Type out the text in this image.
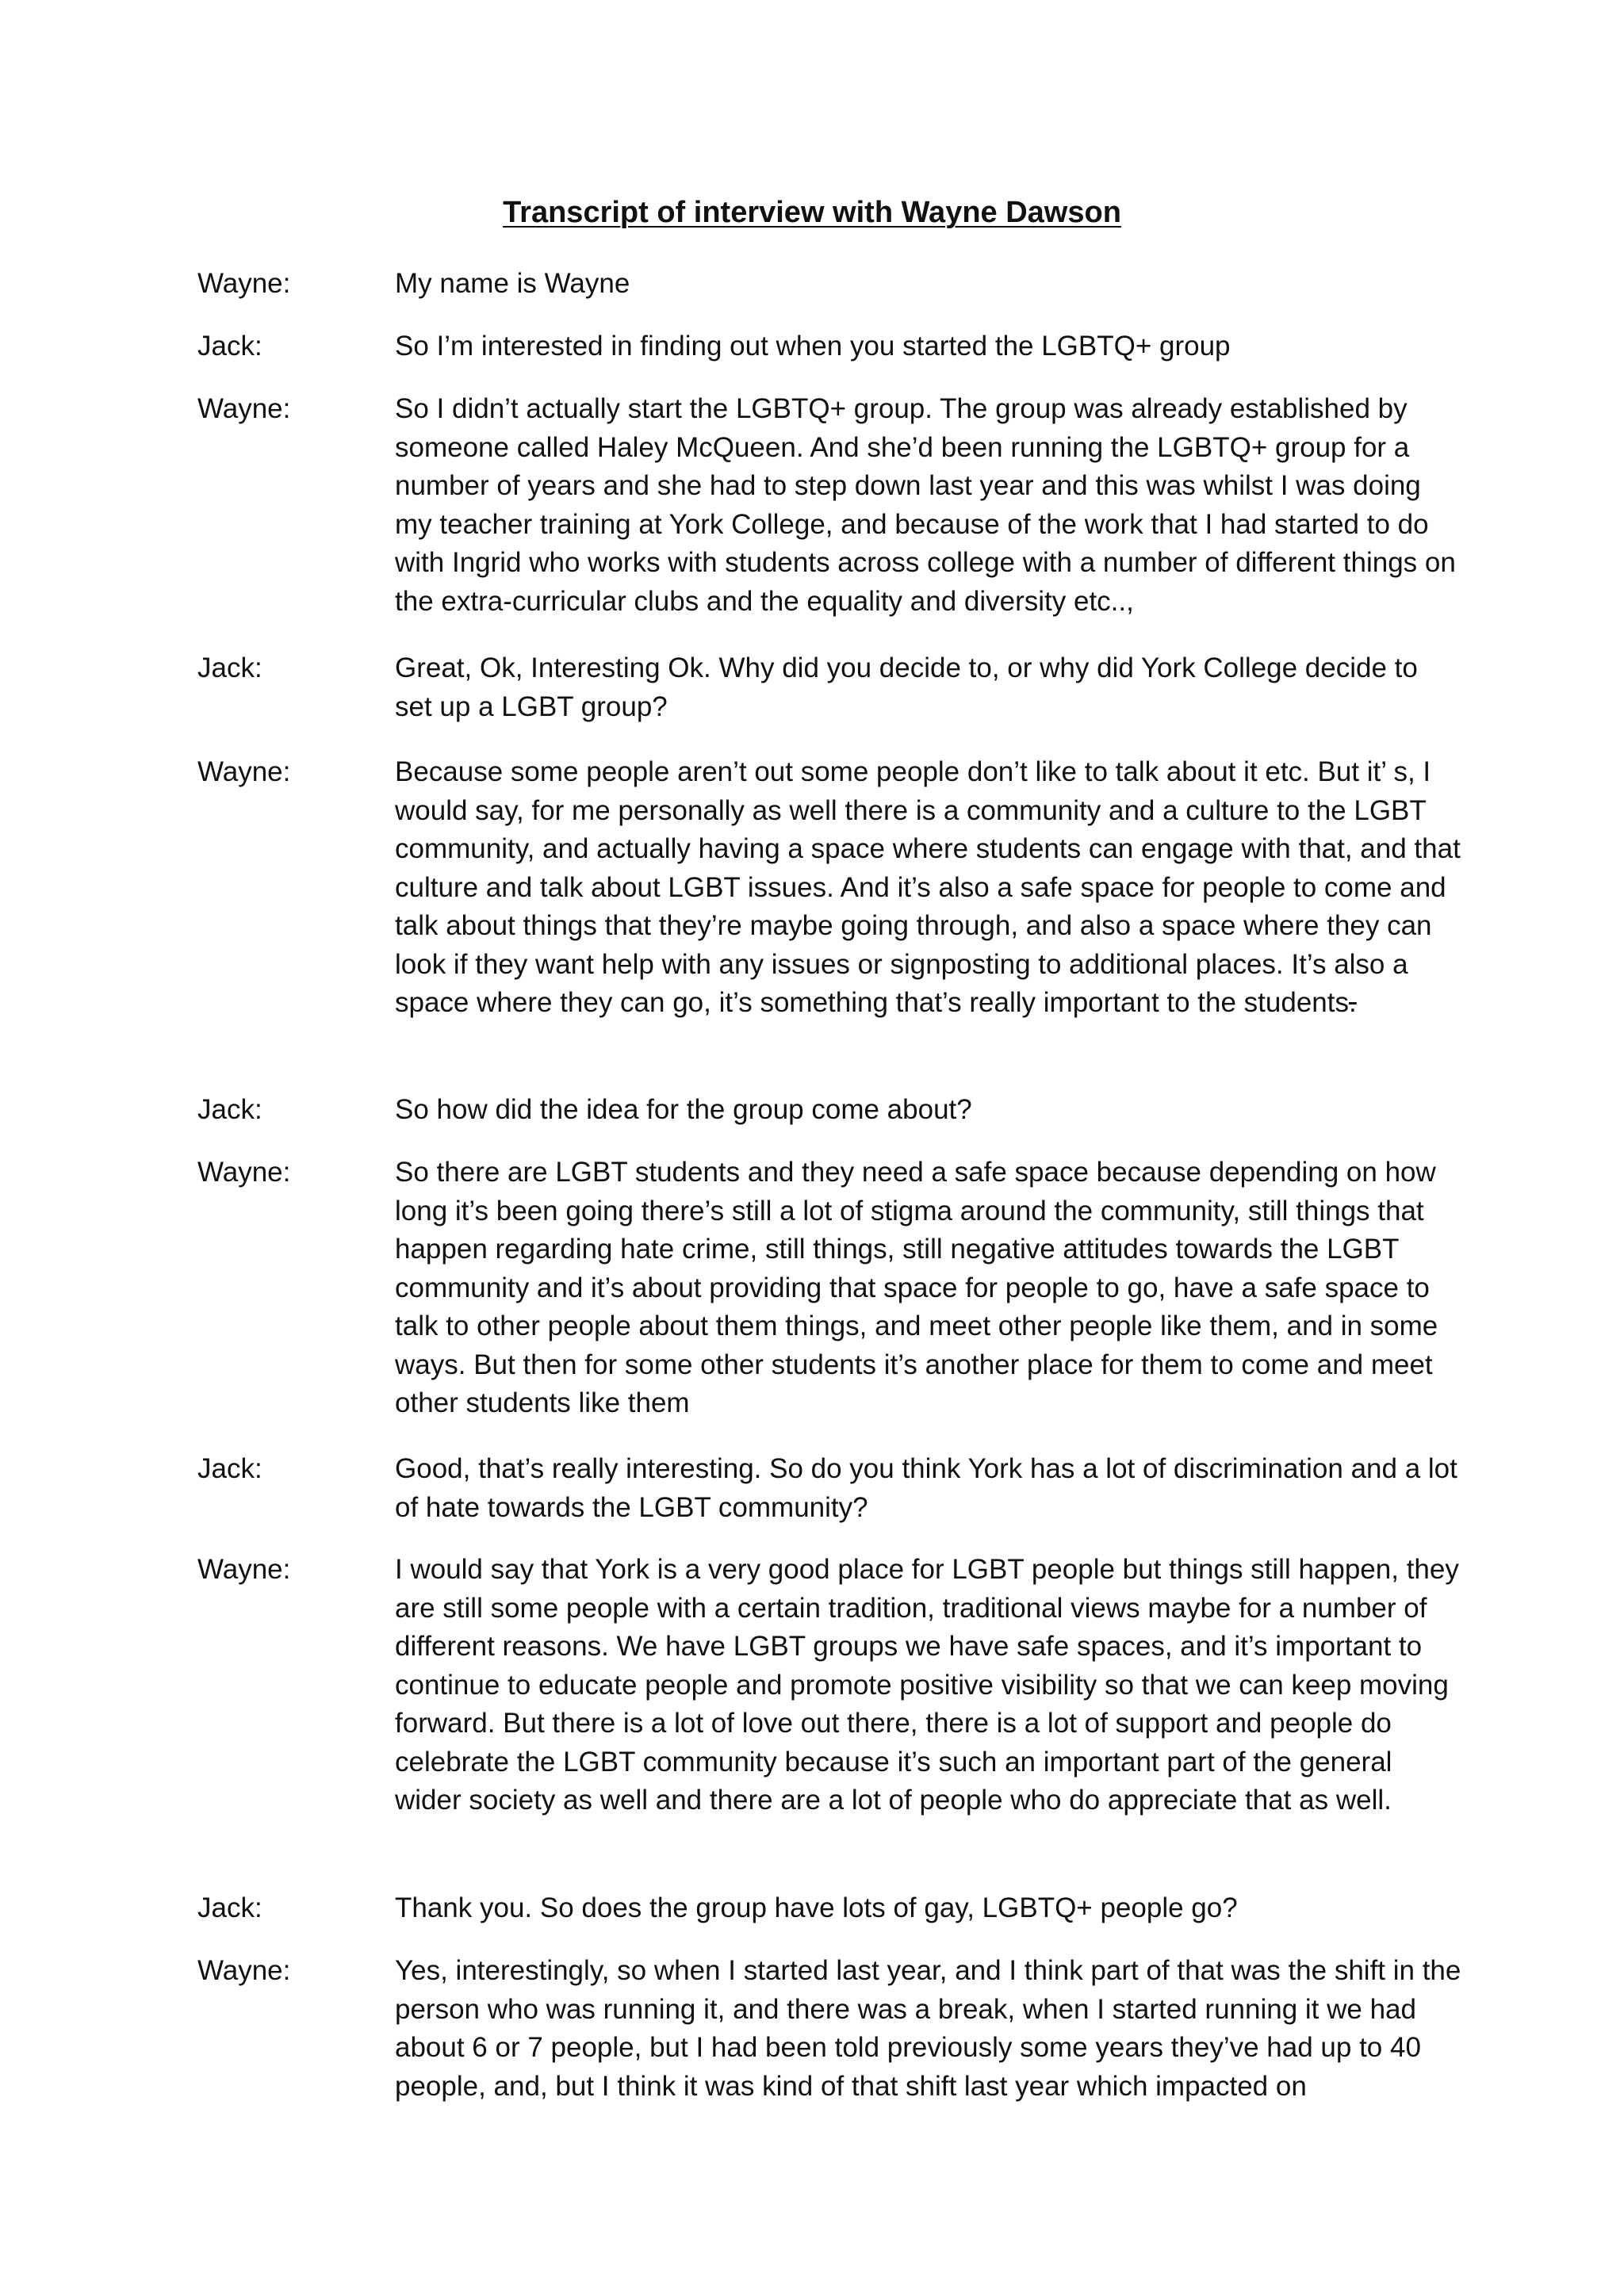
Transcript of interview with Wayne Dawson
Wayne:	My name is Wayne
Jack:	So I’m interested in finding out when you started the LGBTQ+ group
Wayne:	So I didn’t actually start the LGBTQ+ group. The group was already established by someone called Haley McQueen. And she’d been running the LGBTQ+ group for a number of years and she had to step down last year and this was whilst I was doing my teacher training at York College, and because of the work that I had started to do with Ingrid who works with students across college with a number of different things on the extra-curricular clubs and the equality and diversity etc..,
Jack:	Great, Ok, Interesting Ok. Why did you decide to, or why did York College decide to set up a LGBT group?
Wayne:	Because some people aren’t out some people don’t like to talk about it etc. But it’ s, I would say, for me personally as well there is a community and a culture to the LGBT community, and actually having a space where students can engage with that, and that culture and talk about LGBT issues. And it’s also a safe space for people to come and talk about things that they’re maybe going through, and also a space where they can look if they want help with any issues or signposting to additional places. It’s also a space where they can go, it’s something that’s really important to the students.
Jack:	So how did the idea for the group come about?
Wayne:	So there are LGBT students and they need a safe space because depending on how long it’s been going there’s still a lot of stigma around the community, still things that happen regarding hate crime, still things, still negative attitudes towards the LGBT community and it’s about providing that space for people to go, have a safe space to talk to other people about them things, and meet other people like them, and in some ways. But then for some other students it’s another place for them to come and meet other students like them
Jack:	Good, that’s really interesting. So do you think York has a lot of discrimination and a lot of hate towards the LGBT community?
Wayne:	I would say that York is a very good place for LGBT people but things still happen, they are still some people with a certain tradition, traditional views maybe for a number of different reasons. We have LGBT groups we have safe spaces, and it’s important to continue to educate people and promote positive visibility so that we can keep moving forward. But there is a lot of love out there, there is a lot of support and people do celebrate the LGBT community because it’s such an important part of the general wider society as well and there are a lot of people who do appreciate that as well.
Jack:	Thank you. So does the group have lots of gay, LGBTQ+ people go?
Wayne:	Yes, interestingly, so when I started last year, and I think part of that was the shift in the person who was running it, and there was a break, when I started running it we had about 6 or 7 people, but I had been told previously some years they’ve had up to 40 people, and, but I think it was kind of that shift last year which impacted on
